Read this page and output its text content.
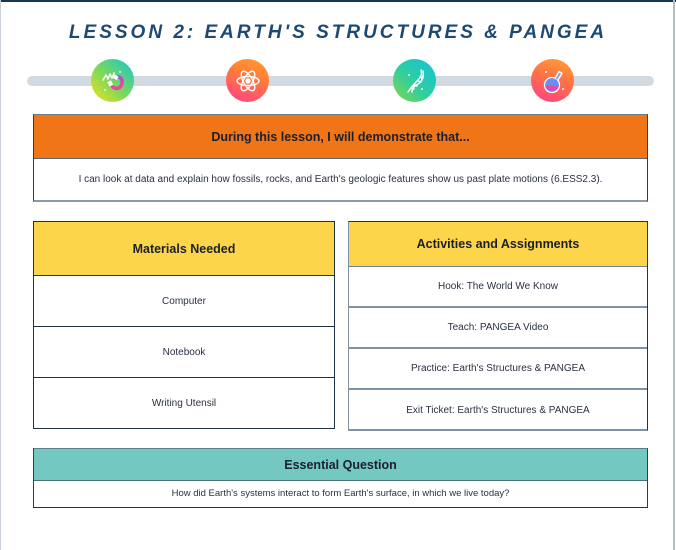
LESSON 2: EARTH'S STRUCTURES & PANGEA
During this lesson, I will demonstrate that...
I can look at data and explain how fossils, rocks, and Earth's geologic features show us past plate motions (6.ESS2.3).
Materials Needed
Computer
Notebook
Writing Utensil
Activities and Assignments
Hook: The World We Know
Teach: PANGEA Video
Practice: Earth's Structures & PANGEA
Exit Ticket: Earth's Structures & PANGEA
Essential Question
How did Earth's systems interact to form Earth's surface, in which we live today?
